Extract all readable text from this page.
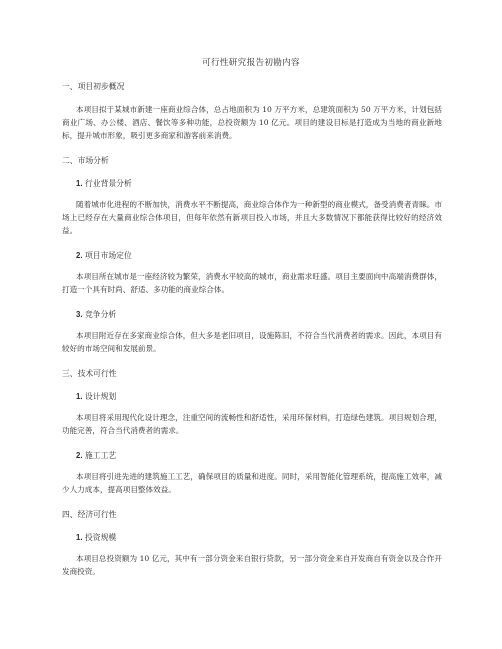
可行性研究报告初勘内容
一、项目初步概况
本项目拟于某城市新建一座商业综合体，总占地面积为 10 万平方米，总建筑面积为 50 万平方米，计划包括商业广场、办公楼、酒店、餐饮等多种功能，总投资额为 10 亿元。项目的建设目标是打造成为当地的商业新地标，提升城市形象，吸引更多商家和游客前来消费。
二、市场分析
1. 行业背景分析
随着城市化进程的不断加快，消费水平不断提高，商业综合体作为一种新型的商业模式，备受消费者青睐。市场上已经存在大量商业综合体项目，但每年依然有新项目投入市场，并且大多数情况下都能获得比较好的经济效益。
2. 项目市场定位
本项目所在城市是一座经济较为繁荣，消费水平较高的城市，商业需求旺盛。项目主要面向中高端消费群体，打造一个具有时尚、舒适、多功能的商业综合体。
3. 竞争分析
本项目附近存在多家商业综合体，但大多是老旧项目，设施陈旧，不符合当代消费者的需求。因此，本项目有较好的市场空间和发展前景。
三、技术可行性
1. 设计规划
本项目将采用现代化设计理念，注重空间的流畅性和舒适性，采用环保材料，打造绿色建筑。项目规划合理，功能完善，符合当代消费者的需求。
2. 施工工艺
本项目将引进先进的建筑施工工艺，确保项目的质量和进度。同时，采用智能化管理系统，提高施工效率，减少人力成本，提高项目整体效益。
四、经济可行性
1. 投资规模
本项目总投资额为 10 亿元，其中有一部分资金来自银行贷款，另一部分资金来自开发商自有资金以及合作开发商投资。
